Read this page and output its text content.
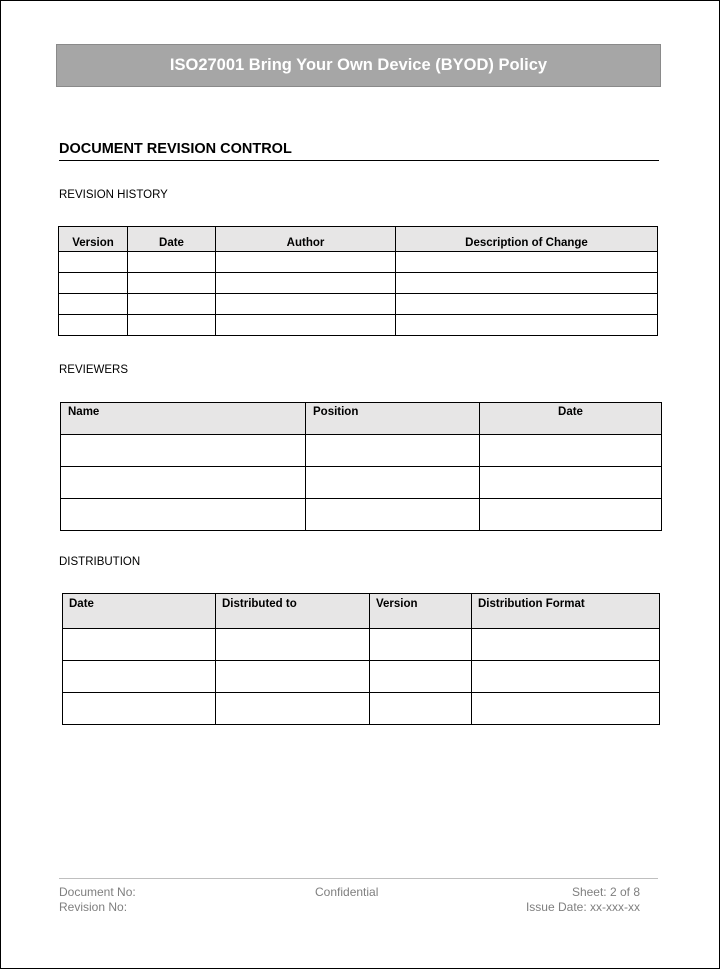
ISO27001 Bring Your Own Device (BYOD) Policy
DOCUMENT REVISION CONTROL
REVISION HISTORY
Version	Date	Author	Description of Change

REVIEWERS
Name	Position	Date

DISTRIBUTION
Date	Distributed to	Version	Distribution Format

Document No:
Revision No:
Confidential	Sheet: 2 of 8
Issue Date: xx-xxx-xx
